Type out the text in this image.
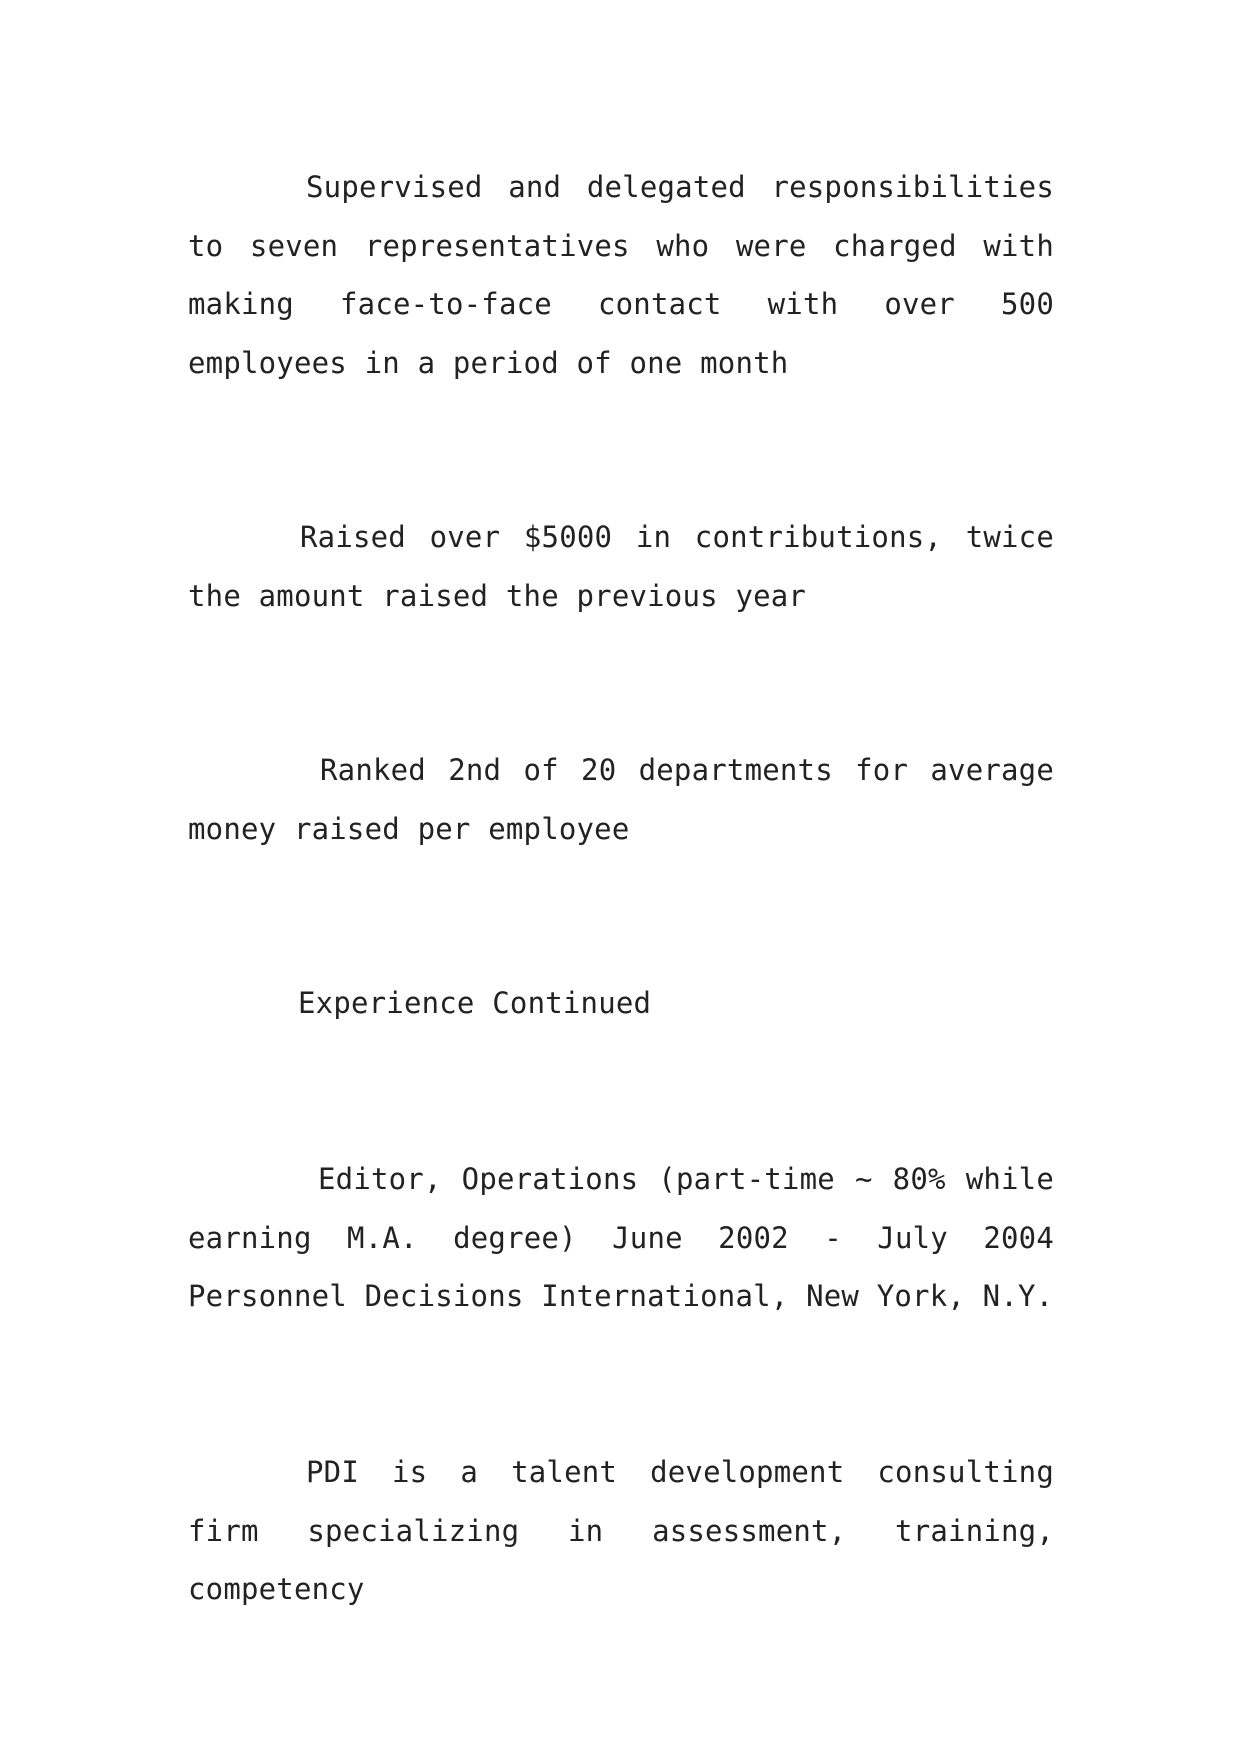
Supervised and delegated responsibilities to seven representatives who were charged with making face-to-face contact with over 500 employees in a period of one month

Raised over $5000 in contributions, twice the amount raised the previous year

Ranked 2nd of 20 departments for average money raised per employee

Experience Continued

Editor, Operations (part-time ~ 80% while earning M.A. degree) June 2002 - July 2004 Personnel Decisions International, New York, N.Y.

PDI is a talent development consulting firm specializing in assessment, training, competency
